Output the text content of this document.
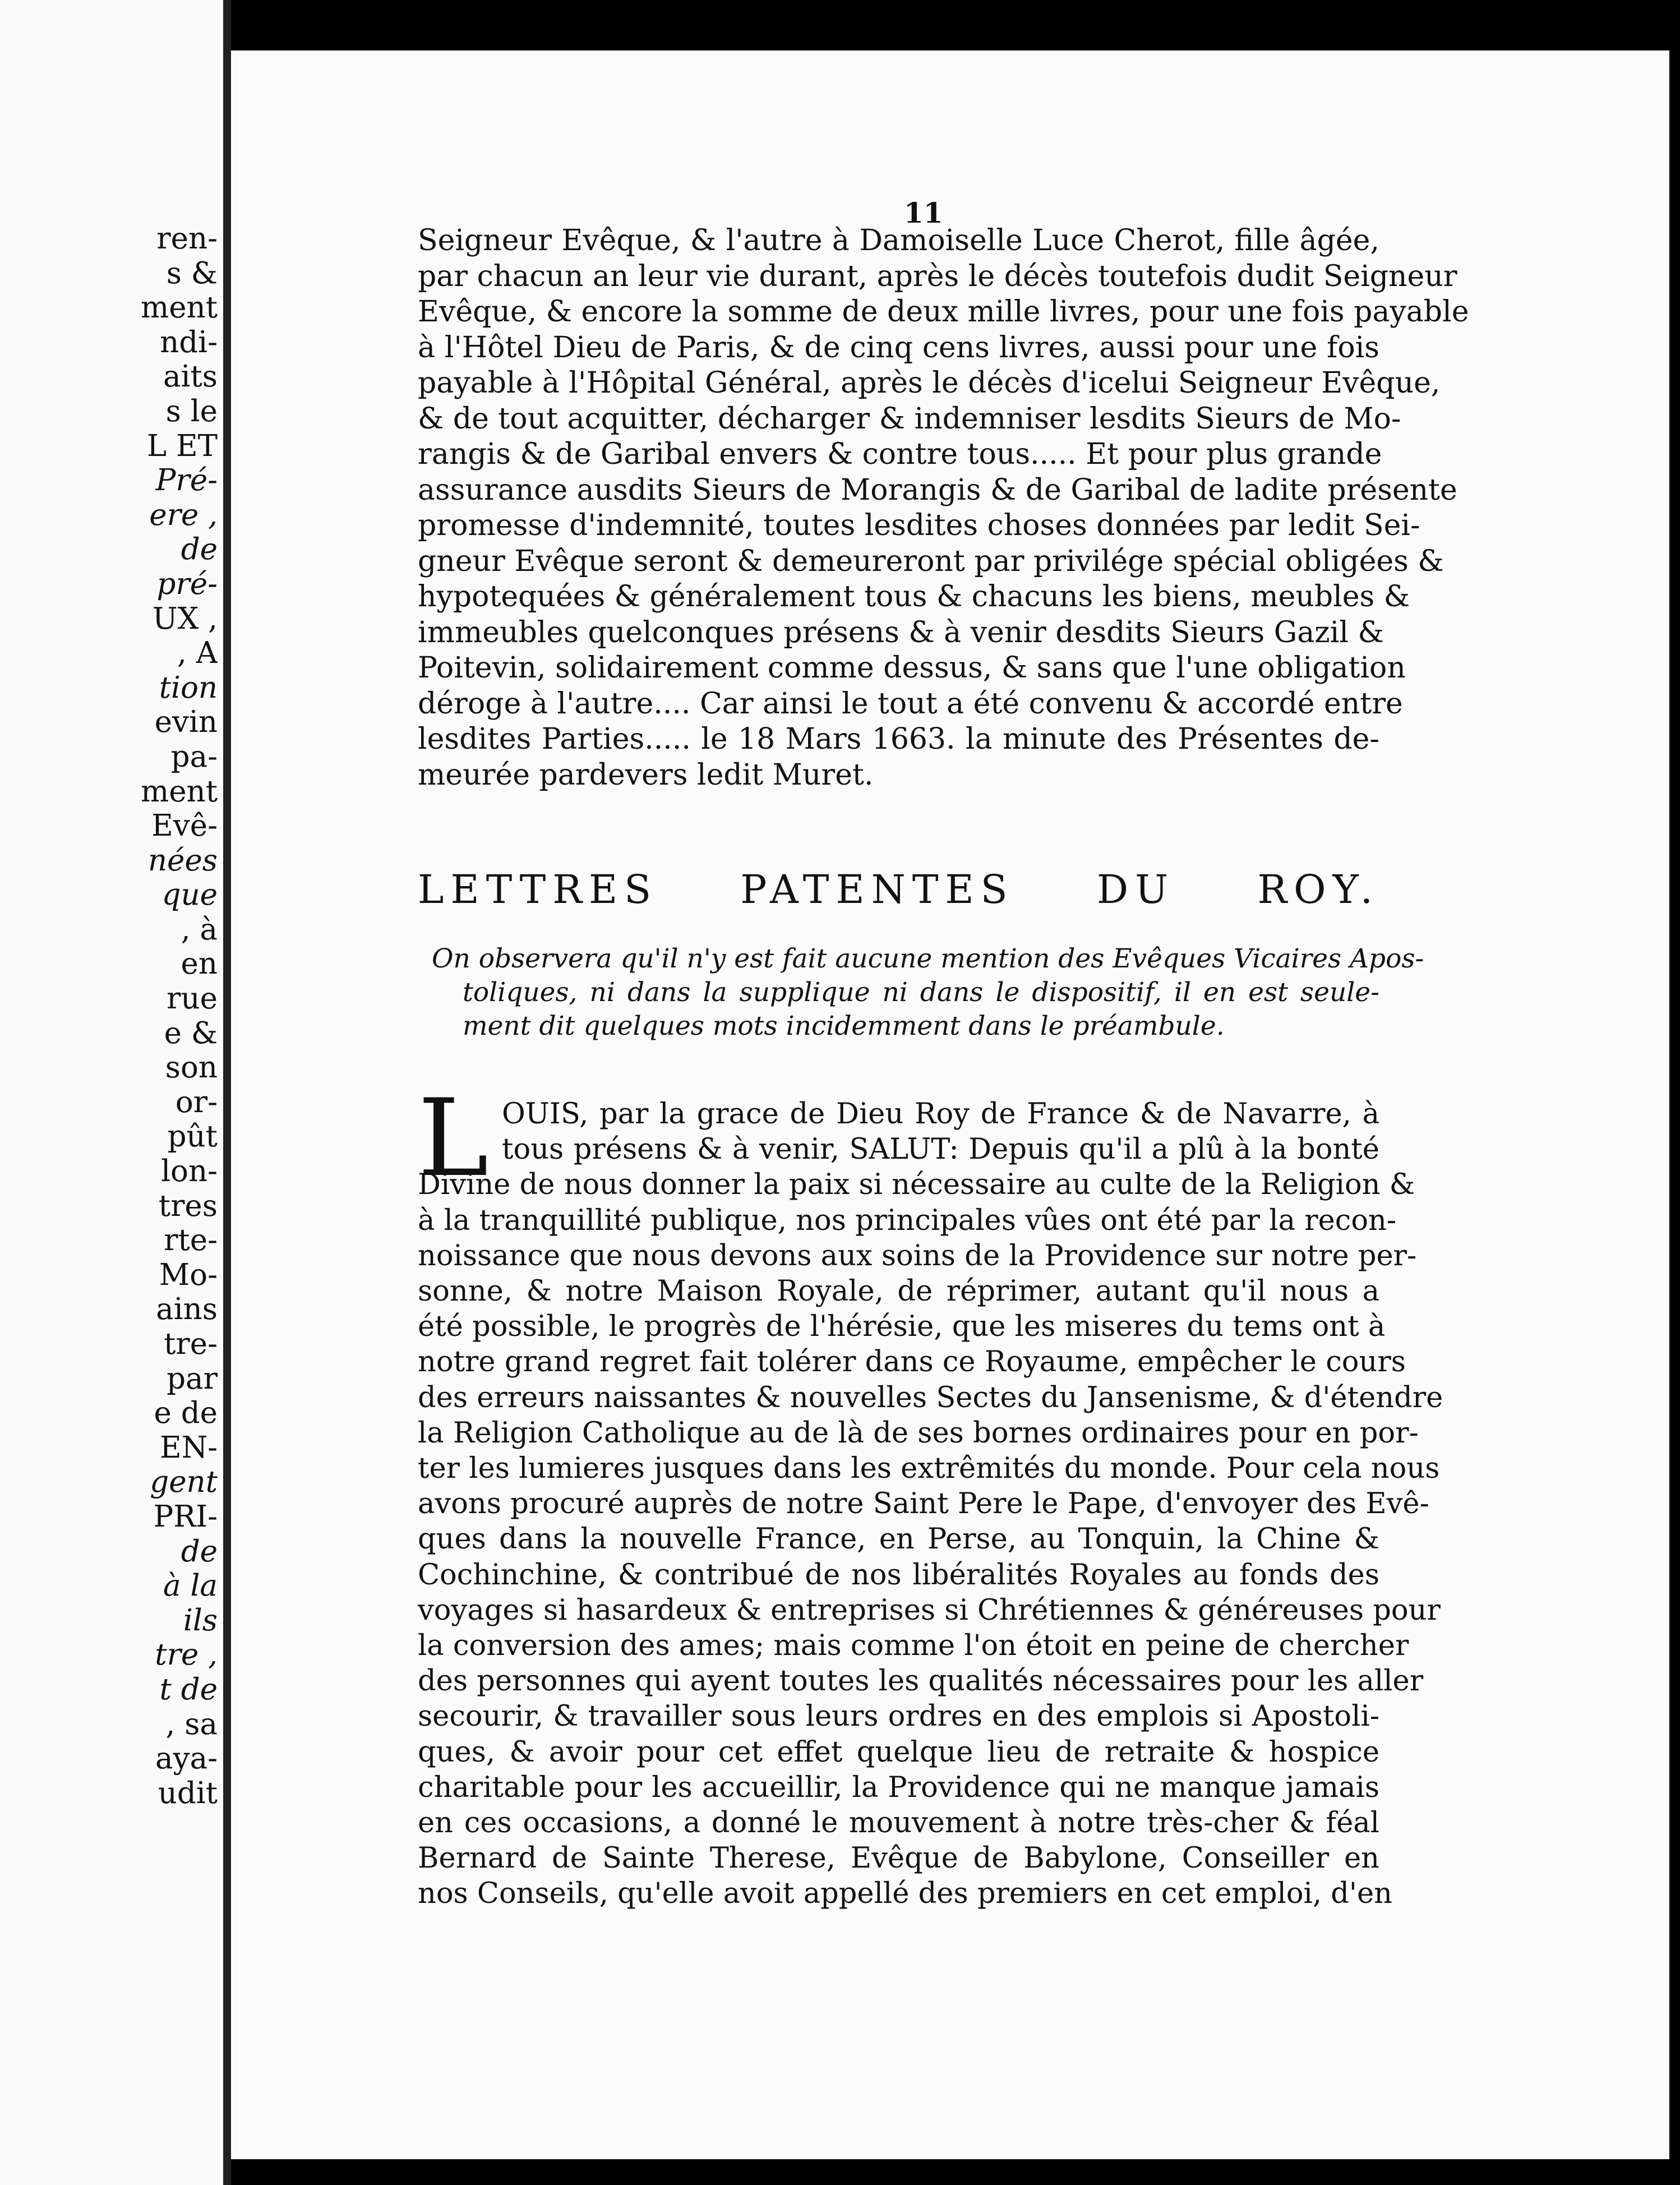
ren-
s &
ment
ndi-
aits
s le
L ET
Pré-
ere ,
de
pré-
UX ,
, A
tion
evin
pa-
ment
Evê-
nées
que
, à
en
rue
e &
son
or-
pût
lon-
tres
rte-
Mo-
ains
tre-
par
e de
EN-
gent
PRI-
de
à la
ils
tre ,
t de
, sa
aya-
udit
11
Seigneur Evêque, & l'autre à Damoiselle Luce Cherot, fille âgée,
par chacun an leur vie durant, après le décès toutefois dudit Seigneur
Evêque, & encore la somme de deux mille livres, pour une fois payable
à l'Hôtel Dieu de Paris, & de cinq cens livres, aussi pour une fois
payable à l'Hôpital Général, après le décès d'icelui Seigneur Evêque,
& de tout acquitter, décharger & indemniser lesdits Sieurs de Mo-
rangis & de Garibal envers & contre tous..... Et pour plus grande
assurance ausdits Sieurs de Morangis & de Garibal de ladite présente
promesse d'indemnité, toutes lesdites choses données par ledit Sei-
gneur Evêque seront & demeureront par privilége spécial obligées &
hypotequées & généralement tous & chacuns les biens, meubles &
immeubles quelconques présens & à venir desdits Sieurs Gazil &
Poitevin, solidairement comme dessus, & sans que l'une obligation
déroge à l'autre.... Car ainsi le tout a été convenu & accordé entre
lesdites Parties..... le 18 Mars 1663. la minute des Présentes de-
meurée pardevers ledit Muret.
LETTRES PATENTES DU ROY.
On observera qu'il n'y est fait aucune mention des Evêques Vicaires Apos-
toliques, ni dans la supplique ni dans le dispositif, il en est seule-
ment dit quelques mots incidemment dans le préambule.
L OUIS, par la grace de Dieu Roy de France & de Navarre, à
tous présens & à venir, SALUT: Depuis qu'il a plû à la bonté
Divine de nous donner la paix si nécessaire au culte de la Religion &
à la tranquillité publique, nos principales vûes ont été par la recon-
noissance que nous devons aux soins de la Providence sur notre per-
sonne, & notre Maison Royale, de réprimer, autant qu'il nous a
été possible, le progrès de l'hérésie, que les miseres du tems ont à
notre grand regret fait tolérer dans ce Royaume, empêcher le cours
des erreurs naissantes & nouvelles Sectes du Jansenisme, & d'étendre
la Religion Catholique au de là de ses bornes ordinaires pour en por-
ter les lumieres jusques dans les extrêmités du monde. Pour cela nous
avons procuré auprès de notre Saint Pere le Pape, d'envoyer des Evê-
ques dans la nouvelle France, en Perse, au Tonquin, la Chine &
Cochinchine, & contribué de nos libéralités Royales au fonds des
voyages si hasardeux & entreprises si Chrétiennes & généreuses pour
la conversion des ames; mais comme l'on étoit en peine de chercher
des personnes qui ayent toutes les qualités nécessaires pour les aller
secourir, & travailler sous leurs ordres en des emplois si Apostoli-
ques, & avoir pour cet effet quelque lieu de retraite & hospice
charitable pour les accueillir, la Providence qui ne manque jamais
en ces occasions, a donné le mouvement à notre très-cher & féal
Bernard de Sainte Therese, Evêque de Babylone, Conseiller en
nos Conseils, qu'elle avoit appellé des premiers en cet emploi, d'en
